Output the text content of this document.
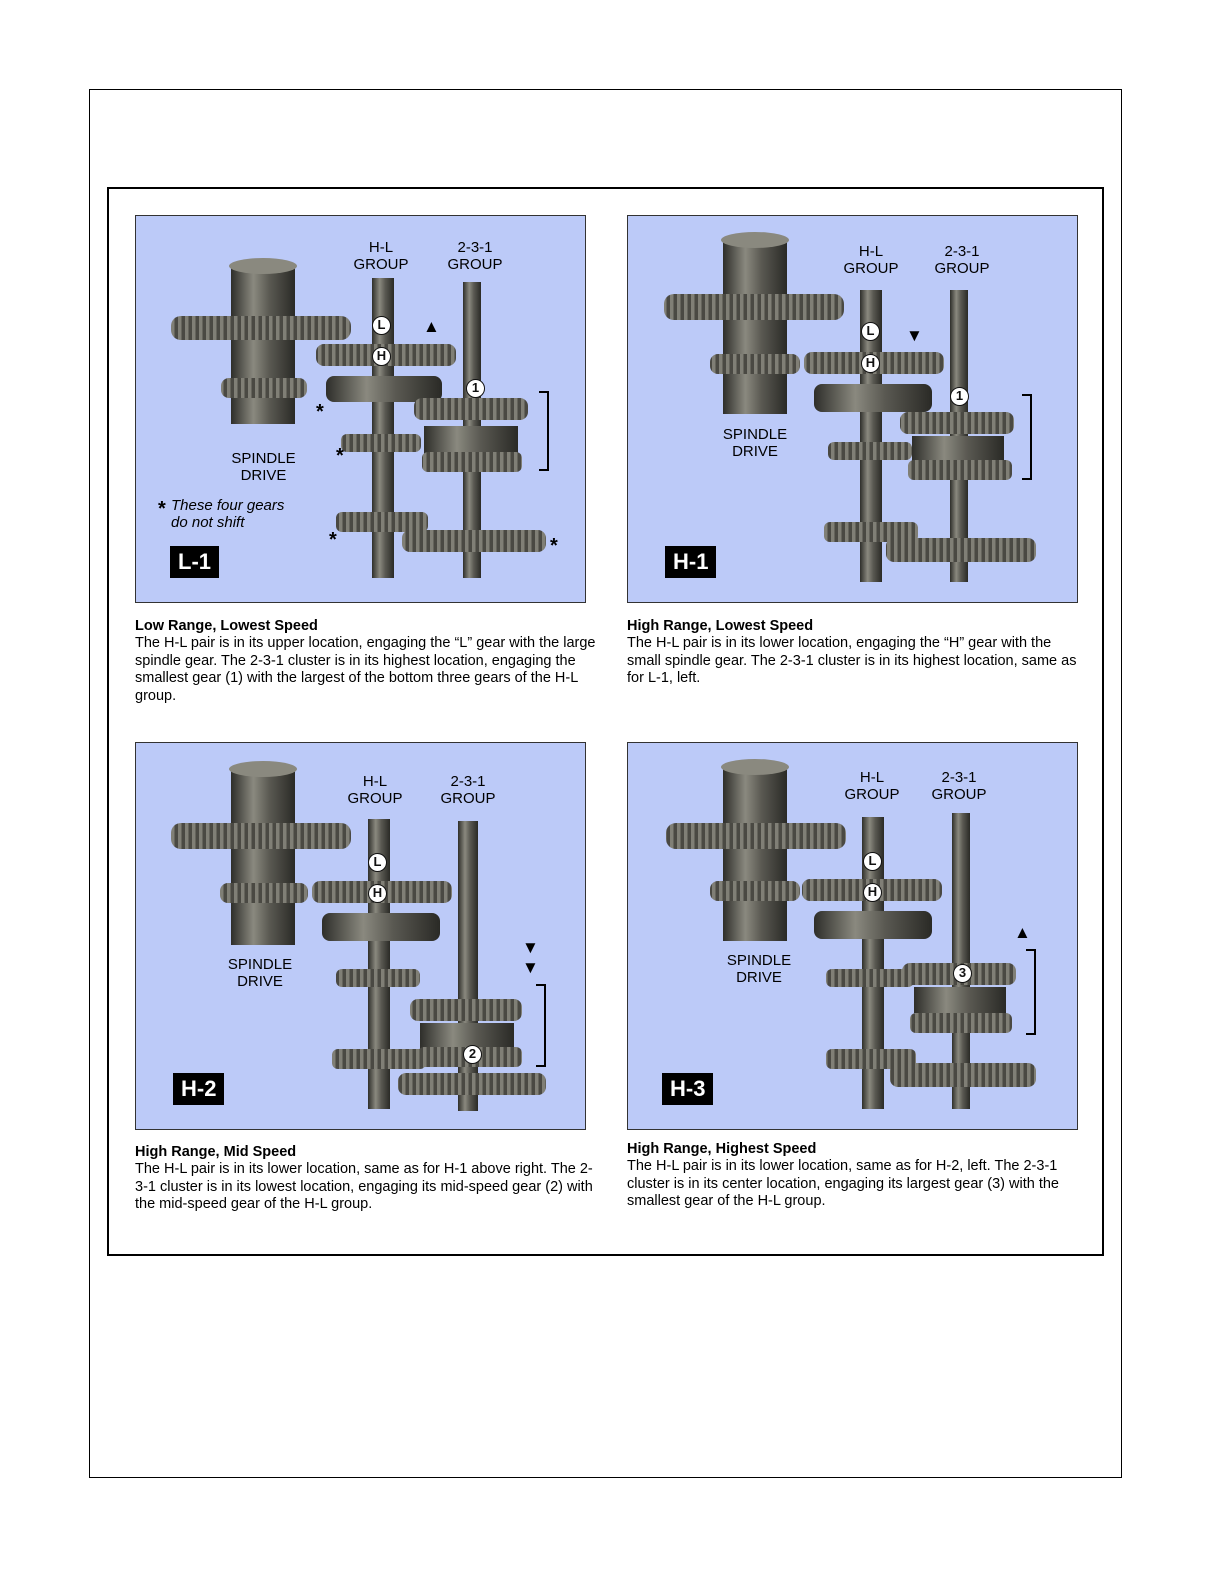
H-L
GROUP
2-3-1
GROUP
SPINDLE
DRIVE
* These four gears
do not shift
*
*
*	*
L
H
1
▲
L-1
Low Range, Lowest Speed
The H-L pair is in its upper location, engaging the “L” gear with the large spindle gear. The 2-3-1 cluster is in its highest location, engaging the smallest gear (1) with the largest of the bottom three gears of the H-L group.
H-L
GROUP
2-3-1
GROUP
SPINDLE
DRIVE
L
H
1
▼
H-1
High Range, Lowest Speed
The H-L pair is in its lower location, engaging the “H” gear with the small spindle gear. The 2-3-1 cluster is in its highest location, same as for L-1, left.
H-L
GROUP
2-3-1
GROUP
SPINDLE
DRIVE
L
H
2
▼
▼
H-2
High Range, Mid Speed
The H-L pair is in its lower location, same as for H-1 above right. The 2-3-1 cluster is in its lowest location, engaging its mid-speed gear (2) with the mid-speed gear of the H-L group.
H-L
GROUP
2-3-1
GROUP
SPINDLE
DRIVE
L
H
3
▲
H-3
High Range, Highest Speed
The H-L pair is in its lower location, same as for H-2, left. The 2-3-1 cluster is in its center location, engaging its largest gear (3) with the smallest gear of the H-L group.
